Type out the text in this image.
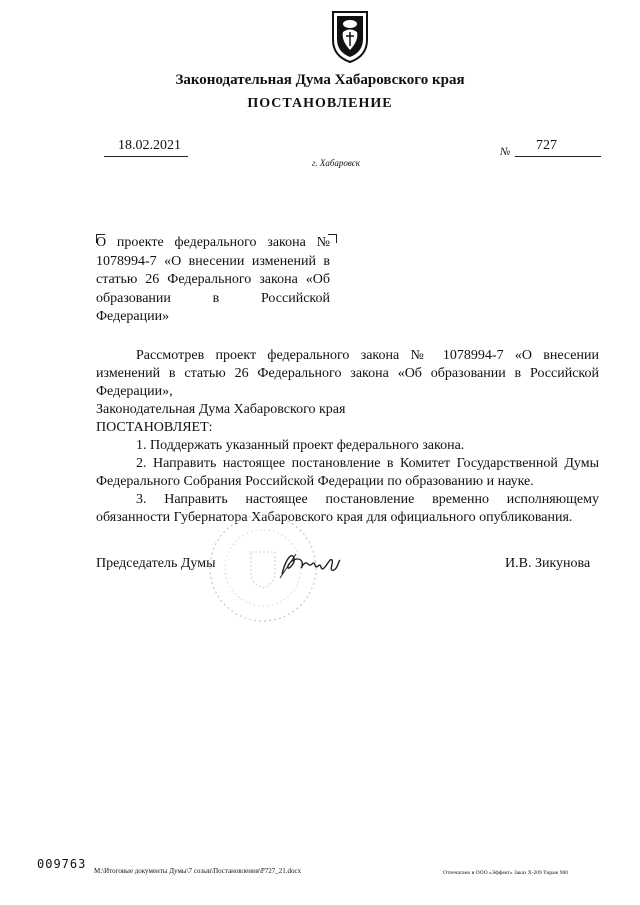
Законодательная Дума Хабаровского края
ПОСТАНОВЛЕНИЕ
18.02.2021
г. Хабаровск
№ 727
О проекте федерального закона № 1078994-7 «О внесении изменений в статью 26 Федерального закона «Об образовании в Российской Федерации»

Рассмотрев проект федерального закона № 1078994-7 «О внесении изменений в статью 26 Федерального закона «Об образовании в Российской Федерации»,

Законодательная Дума Хабаровского края

ПОСТАНОВЛЯЕТ:

1. Поддержать указанный проект федерального закона.

2. Направить настоящее постановление в Комитет Государственной Думы Федерального Собрания Российской Федерации по образованию и науке.

3. Направить настоящее постановление временно исполняющему обязанности Губернатора Хабаровского края для официального опубликования.

Председатель Думы	И.В. Зикунова
009763 M:\Итоговые документы Думы\7 созыв\Постановления\P727_21.docx	Отпечатано в ООО «Эффект» Заказ Х-209 Тираж 900
